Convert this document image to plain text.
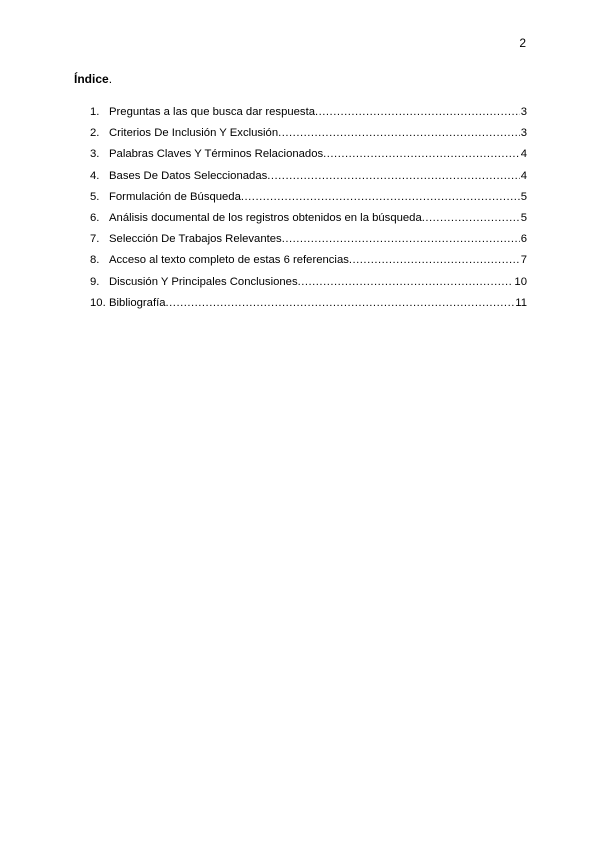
2
Índice.
1. Preguntas a las que busca dar respuesta .....	3
2. Criterios De Inclusión Y Exclusión .....	3
3. Palabras Claves Y Términos Relacionados .....	4
4. Bases De Datos Seleccionadas .....	4
5. Formulación de Búsqueda .....	5
6. Análisis documental de los registros obtenidos en la búsqueda .....	5
7. Selección De Trabajos Relevantes .....	6
8. Acceso al texto completo de estas 6 referencias .....	7
9. Discusión Y Principales Conclusiones .....	10
10. Bibliografía .....	11
